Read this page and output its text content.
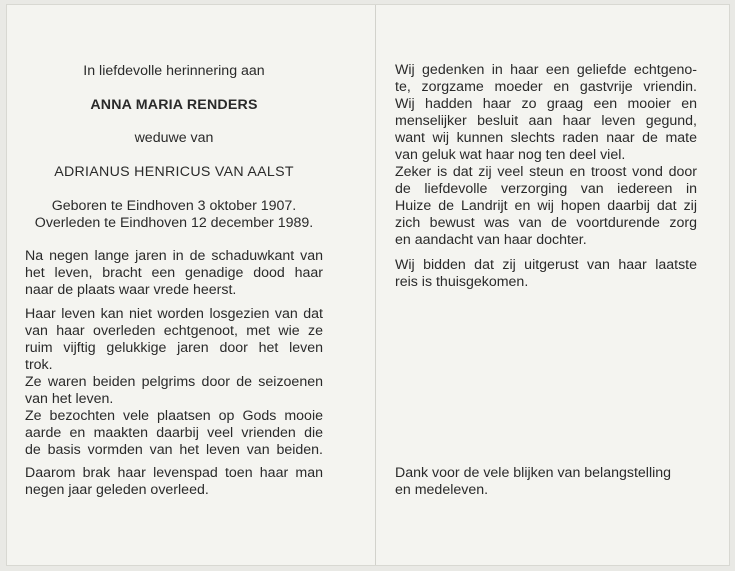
In liefdevolle herinnering aan
ANNA MARIA RENDERS
weduwe van
ADRIANUS HENRICUS VAN AALST
Geboren te Eindhoven 3 oktober 1907.
Overleden te Eindhoven 12 december 1989.
Na negen lange jaren in de schaduwkant van
het leven, bracht een genadige dood haar
naar de plaats waar vrede heerst.
Haar leven kan niet worden losgezien van dat
van haar overleden echtgenoot, met wie ze
ruim vijftig gelukkige jaren door het leven
trok.
Ze waren beiden pelgrims door de seizoenen
van het leven.
Ze bezochten vele plaatsen op Gods mooie
aarde en maakten daarbij veel vrienden die
de basis vormden van het leven van beiden.
Daarom brak haar levenspad toen haar man
negen jaar geleden overleed.
Wij gedenken in haar een geliefde echtgeno-
te, zorgzame moeder en gastvrije vriendin.
Wij hadden haar zo graag een mooier en
menselijker besluit aan haar leven gegund,
want wij kunnen slechts raden naar de mate
van geluk wat haar nog ten deel viel.
Zeker is dat zij veel steun en troost vond door
de liefdevolle verzorging van iedereen in
Huize de Landrijt en wij hopen daarbij dat zij
zich bewust was van de voortdurende zorg
en aandacht van haar dochter.
Wij bidden dat zij uitgerust van haar laatste
reis is thuisgekomen.
Dank voor de vele blijken van belangstelling
en medeleven.
